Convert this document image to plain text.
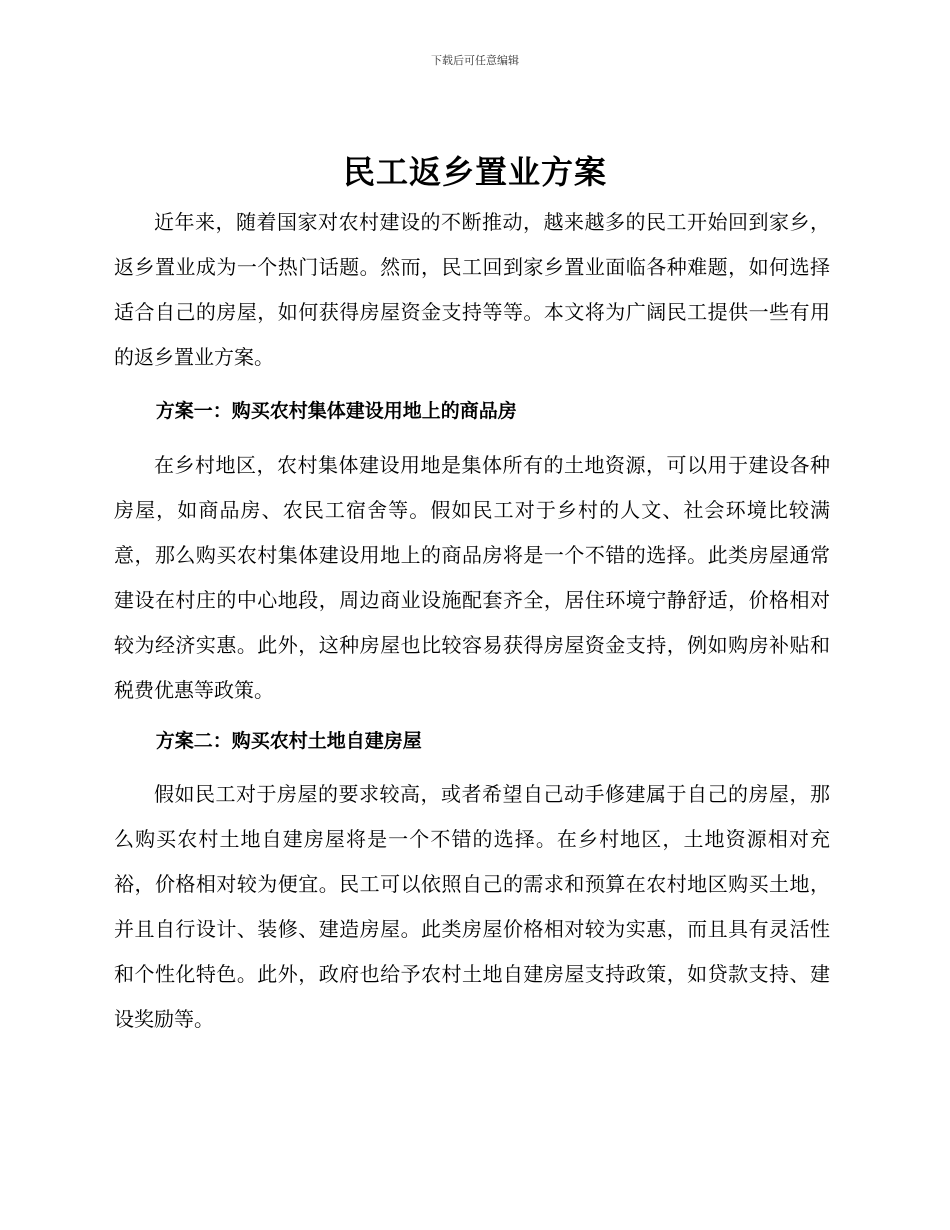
下载后可任意编辑
民工返乡置业方案

近年来，随着国家对农村建设的不断推动，越来越多的民工开始回到家乡，返乡置业成为一个热门话题。然而，民工回到家乡置业面临各种难题，如何选择适合自己的房屋，如何获得房屋资金支持等等。本文将为广阔民工提供一些有用的返乡置业方案。

方案一：购买农村集体建设用地上的商品房

在乡村地区，农村集体建设用地是集体所有的土地资源，可以用于建设各种房屋，如商品房、农民工宿舍等。假如民工对于乡村的人文、社会环境比较满意，那么购买农村集体建设用地上的商品房将是一个不错的选择。此类房屋通常建设在村庄的中心地段，周边商业设施配套齐全，居住环境宁静舒适，价格相对较为经济实惠。此外，这种房屋也比较容易获得房屋资金支持，例如购房补贴和税费优惠等政策。

方案二：购买农村土地自建房屋

假如民工对于房屋的要求较高，或者希望自己动手修建属于自己的房屋，那么购买农村土地自建房屋将是一个不错的选择。在乡村地区，土地资源相对充裕，价格相对较为便宜。民工可以依照自己的需求和预算在农村地区购买土地，并且自行设计、装修、建造房屋。此类房屋价格相对较为实惠，而且具有灵活性和个性化特色。此外，政府也给予农村土地自建房屋支持政策，如贷款支持、建设奖励等。
